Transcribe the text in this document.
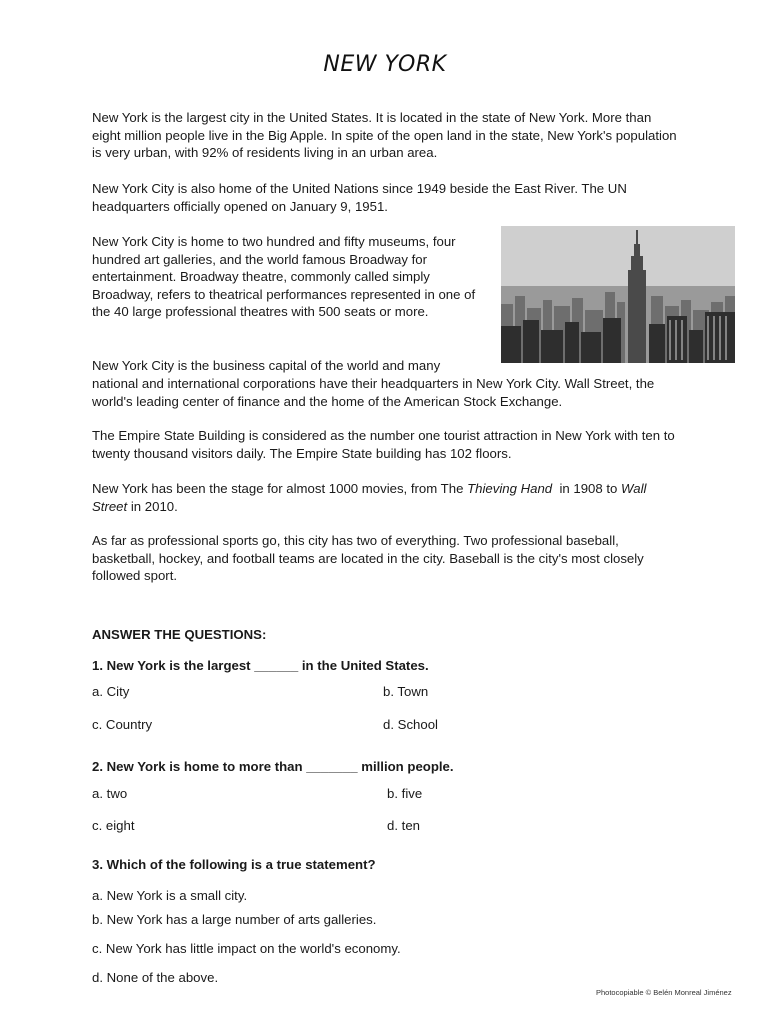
NEW YORK

New York is the largest city in the United States. It is located in the state of New York. More than eight million people live in the Big Apple. In spite of the open land in the state, New York's population is very urban, with 92% of residents living in an urban area.

New York City is also home of the United Nations since 1949 beside the East River. The UN headquarters officially opened on January 9, 1951.

New York City is home to two hundred and fifty museums, four hundred art galleries, and the world famous Broadway for entertainment. Broadway theatre, commonly called simply Broadway, refers to theatrical performances represented in one of the 40 large professional theatres with 500 seats or more.

New York City is the business capital of the world and many

national and international corporations have their headquarters in New York City. Wall Street, the world's leading center of finance and the home of the American Stock Exchange.

The Empire State Building is considered as the number one tourist attraction in New York with ten to twenty thousand visitors daily. The Empire State building has 102 floors.

New York has been the stage for almost 1000 movies, from The Thieving Hand  in 1908 to Wall Street in 2010.

As far as professional sports go, this city has two of everything. Two professional baseball, basketball, hockey, and football teams are located in the city. Baseball is the city's most closely followed sport.

ANSWER THE QUESTIONS:

1. New York is the largest ______ in the United States.

a. City	b. Town

c. Country	d. School

2. New York is home to more than _______ million people.

a. two	b. five

c. eight	d. ten

3. Which of the following is a true statement?

a. New York is a small city.

b. New York has a large number of arts galleries.

c. New York has little impact on the world's economy.

d. None of the above.

Photocopiable © Belén Monreal Jiménez
